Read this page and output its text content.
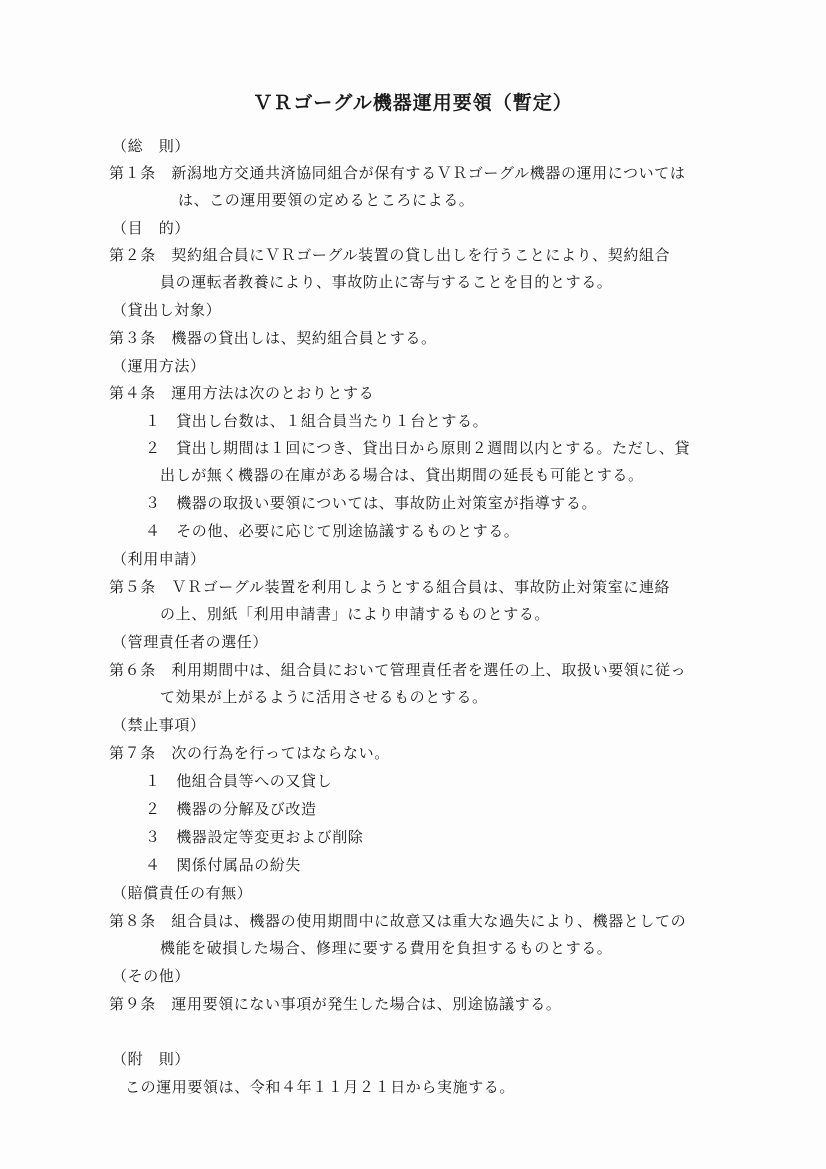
ＶＲゴーグル機器運用要領（暫定）
（総　則）
第１条　新潟地方交通共済協同組合が保有するＶＲゴーグル機器の運用については
は、この運用要領の定めるところによる。
（目　的）
第２条　契約組合員にＶＲゴーグル装置の貸し出しを行うことにより、契約組合
員の運転者教養により、事故防止に寄与することを目的とする。
（貸出し対象）
第３条　機器の貸出しは、契約組合員とする。
（運用方法）
第４条　運用方法は次のとおりとする
１　貸出し台数は、１組合員当たり１台とする。
２　貸出し期間は１回につき、貸出日から原則２週間以内とする。ただし、貸
出しが無く機器の在庫がある場合は、貸出期間の延長も可能とする。
３　機器の取扱い要領については、事故防止対策室が指導する。
４　その他、必要に応じて別途協議するものとする。
（利用申請）
第５条　ＶＲゴーグル装置を利用しようとする組合員は、事故防止対策室に連絡
の上、別紙「利用申請書」により申請するものとする。
（管理責任者の選任）
第６条　利用期間中は、組合員において管理責任者を選任の上、取扱い要領に従っ
て効果が上がるように活用させるものとする。
（禁止事項）
第７条　次の行為を行ってはならない。
１　他組合員等への又貸し
２　機器の分解及び改造
３　機器設定等変更および削除
４　関係付属品の紛失
（賠償責任の有無）
第８条　組合員は、機器の使用期間中に故意又は重大な過失により、機器としての
機能を破損した場合、修理に要する費用を負担するものとする。
（その他）
第９条　運用要領にない事項が発生した場合は、別途協議する。
（附　則）
この運用要領は、令和４年１１月２１日から実施する。
